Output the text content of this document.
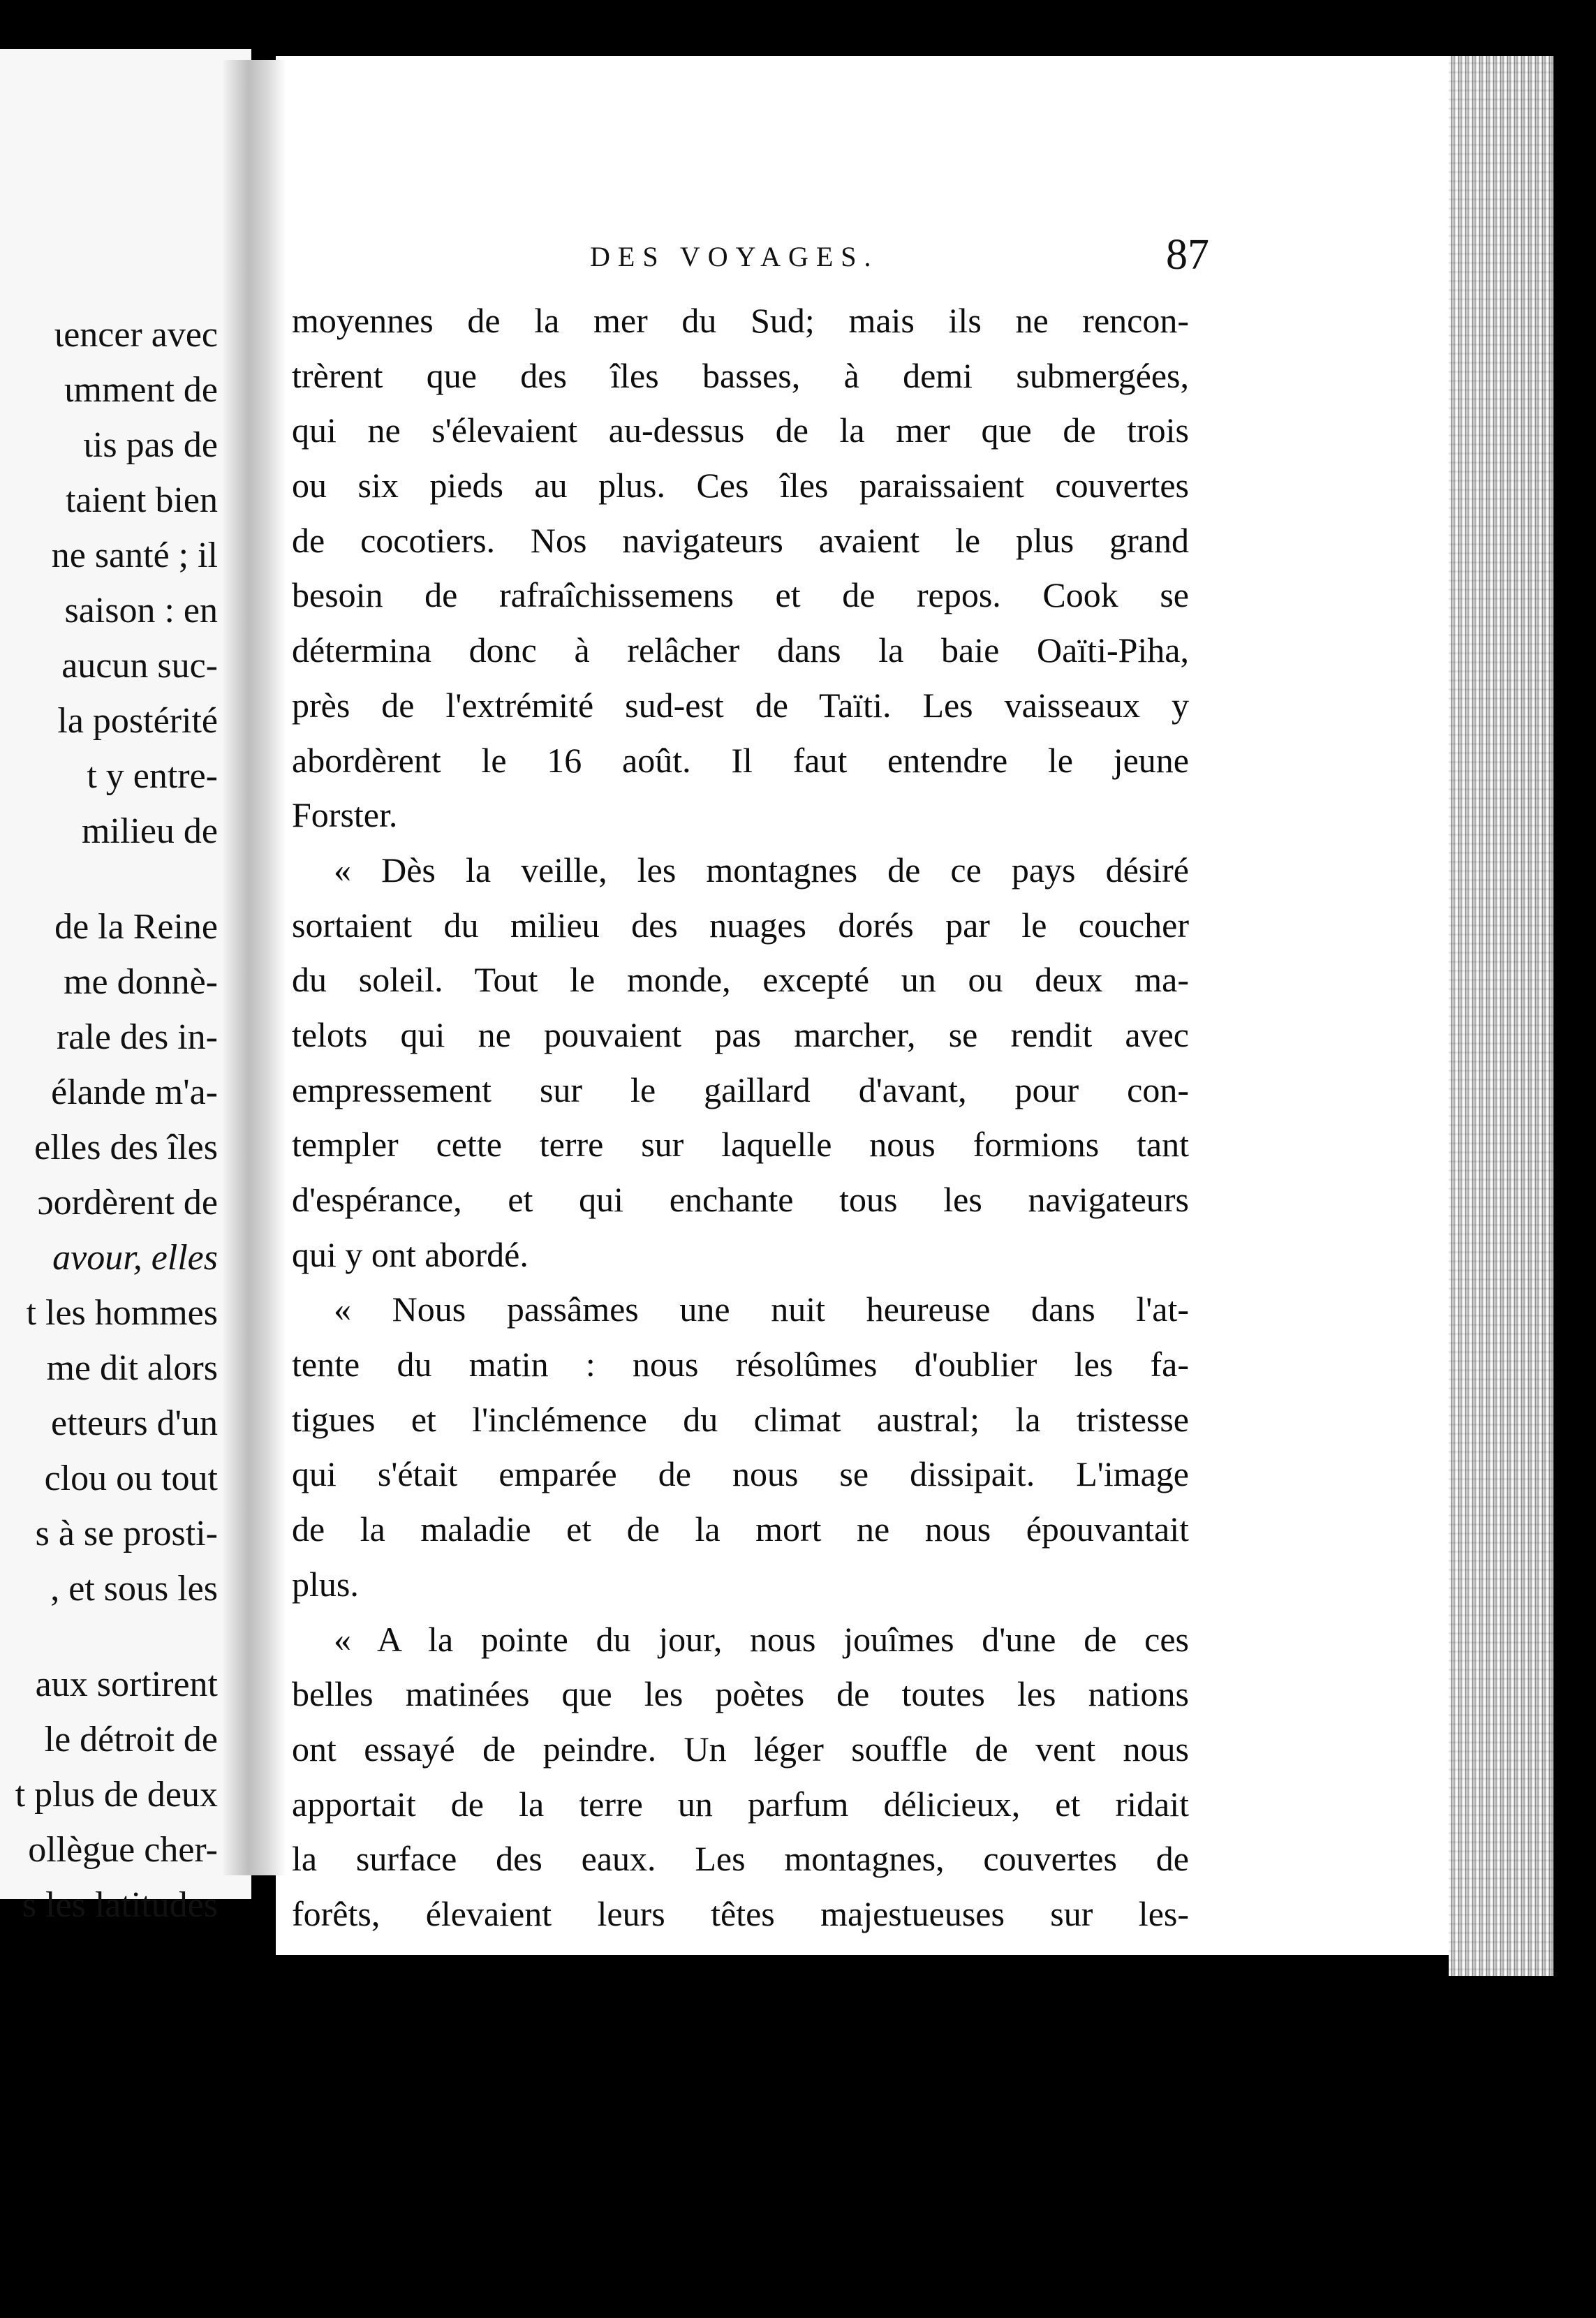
ɩencer avec
ɩmment de
ɩis pas de
taient bien
ne santé ; il
saison : en
aucun suc-
la postérité
t y entre-
milieu de
de la Reine
me donnè-
rale des in-
élande m'a-
elles des îles
ɔordèrent de
avour, elles
t les hommes
me dit alors
etteurs d'un
clou ou tout
s à se prosti-
, et sous les
aux sortirent
le détroit de
t plus de deux
ollègue cher-
s les latitudes
DES VOYAGES.	87
moyennes de la mer du Sud; mais ils ne rencon-
trèrent que des îles basses, à demi submergées,
qui ne s'élevaient au-dessus de la mer que de trois
ou six pieds au plus. Ces îles paraissaient couvertes
de cocotiers. Nos navigateurs avaient le plus grand
besoin de rafraîchissemens et de repos. Cook se
détermina donc à relâcher dans la baie Oaïti-Piha,
près de l'extrémité sud-est de Taïti. Les vaisseaux y
abordèrent le 16 août. Il faut entendre le jeune
Forster.
« Dès la veille, les montagnes de ce pays désiré
sortaient du milieu des nuages dorés par le coucher
du soleil. Tout le monde, excepté un ou deux ma-
telots qui ne pouvaient pas marcher, se rendit avec
empressement sur le gaillard d'avant, pour con-
templer cette terre sur laquelle nous formions tant
d'espérance, et qui enchante tous les navigateurs
qui y ont abordé.
« Nous passâmes une nuit heureuse dans l'at-
tente du matin : nous résolûmes d'oublier les fa-
tigues et l'inclémence du climat austral; la tristesse
qui s'était emparée de nous se dissipait. L'image
de la maladie et de la mort ne nous épouvantait
plus.
« A la pointe du jour, nous jouîmes d'une de ces
belles matinées que les poètes de toutes les nations
ont essayé de peindre. Un léger souffle de vent nous
apportait de la terre un parfum délicieux, et ridait
la surface des eaux. Les montagnes, couvertes de
forêts, élevaient leurs têtes majestueuses sur les-
